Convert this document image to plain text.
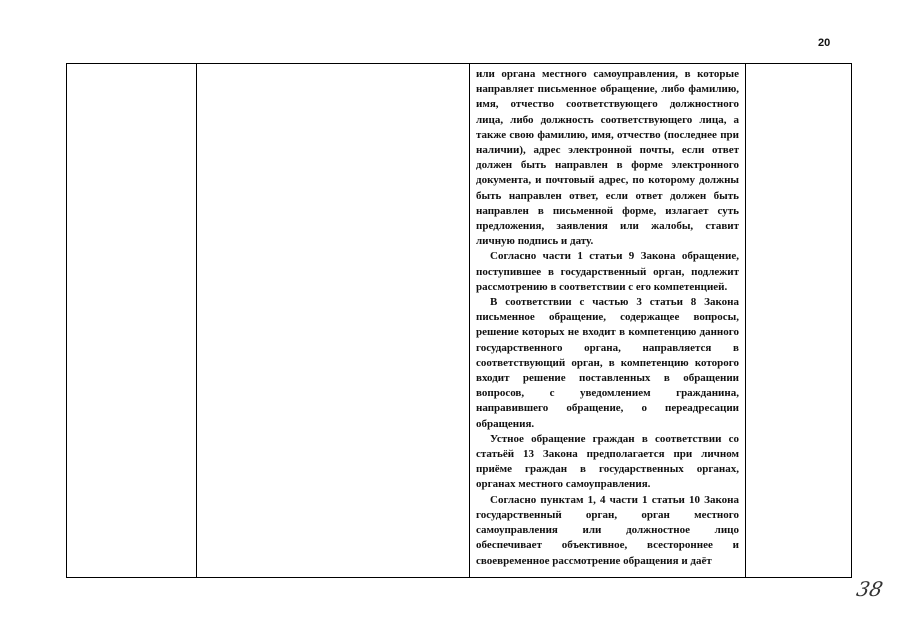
20

или органа местного самоуправления, в которые направляет письменное обращение, либо фамилию, имя, отчество соответствующего должностного лица, либо должность соответствующего лица, а также свою фамилию, имя, отчество (последнее при наличии), адрес электронной почты, если ответ должен быть направлен в форме электронного документа, и почтовый адрес, по которому должны быть направлен ответ, если ответ должен быть направлен в письменной форме, излагает суть предложения, заявления или жалобы, ставит личную подпись и дату.

Согласно части 1 статьи 9 Закона обращение, поступившее в государственный орган, подлежит рассмотрению в соответствии с его компетенцией.

В соответствии с частью 3 статьи 8 Закона письменное обращение, содержащее вопросы, решение которых не входит в компетенцию данного государственного органа, направляется в соответствующий орган, в компетенцию которого входит решение поставленных в обращении вопросов, с уведомлением гражданина, направившего обращение, о переадресации обращения.

Устное обращение граждан в соответствии со статьёй 13 Закона предполагается при личном приёме граждан в государственных органах, органах местного самоуправления.

Согласно пунктам 1, 4 части 1 статьи 10 Закона государственный орган, орган местного самоуправления или должностное лицо обеспечивает объективное, всестороннее и своевременное рассмотрение обращения и даёт

38
